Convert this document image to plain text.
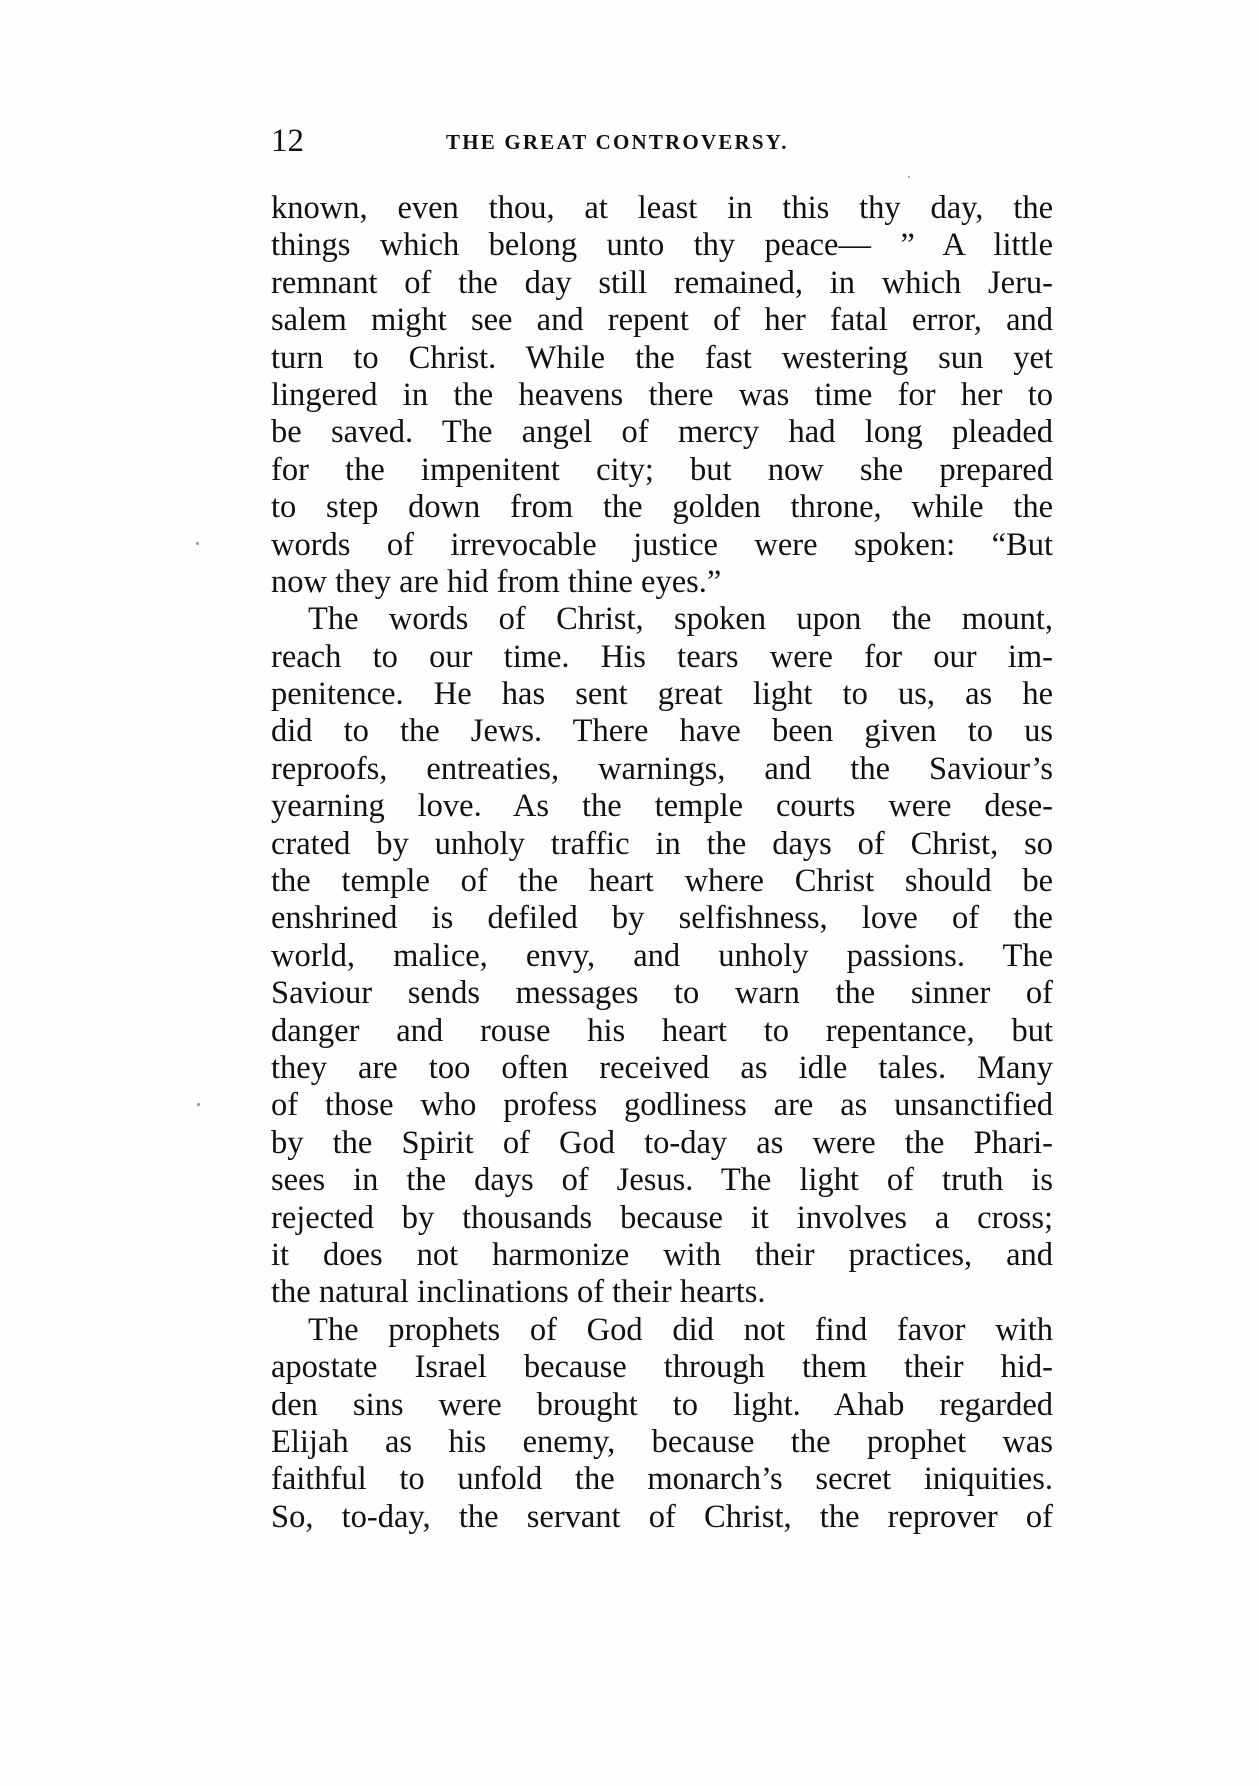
12	THE GREAT CONTROVERSY.
known, even thou, at least in this thy day, the
things which belong unto thy peace— ” A little
remnant of the day still remained, in which Jeru-
salem might see and repent of her fatal error, and
turn to Christ. While the fast westering sun yet
lingered in the heavens there was time for her to
be saved. The angel of mercy had long pleaded
for the impenitent city; but now she prepared
to step down from the golden throne, while the
words of irrevocable justice were spoken: “But
now they are hid from thine eyes.”
The words of Christ, spoken upon the mount,
reach to our time. His tears were for our im-
penitence. He has sent great light to us, as he
did to the Jews. There have been given to us
reproofs, entreaties, warnings, and the Saviour’s
yearning love. As the temple courts were dese-
crated by unholy traffic in the days of Christ, so
the temple of the heart where Christ should be
enshrined is defiled by selfishness, love of the
world, malice, envy, and unholy passions. The
Saviour sends messages to warn the sinner of
danger and rouse his heart to repentance, but
they are too often received as idle tales. Many
of those who profess godliness are as unsanctified
by the Spirit of God to-day as were the Phari-
sees in the days of Jesus. The light of truth is
rejected by thousands because it involves a cross;
it does not harmonize with their practices, and
the natural inclinations of their hearts.
The prophets of God did not find favor with
apostate Israel because through them their hid-
den sins were brought to light. Ahab regarded
Elijah as his enemy, because the prophet was
faithful to unfold the monarch’s secret iniquities.
So, to-day, the servant of Christ, the reprover of
